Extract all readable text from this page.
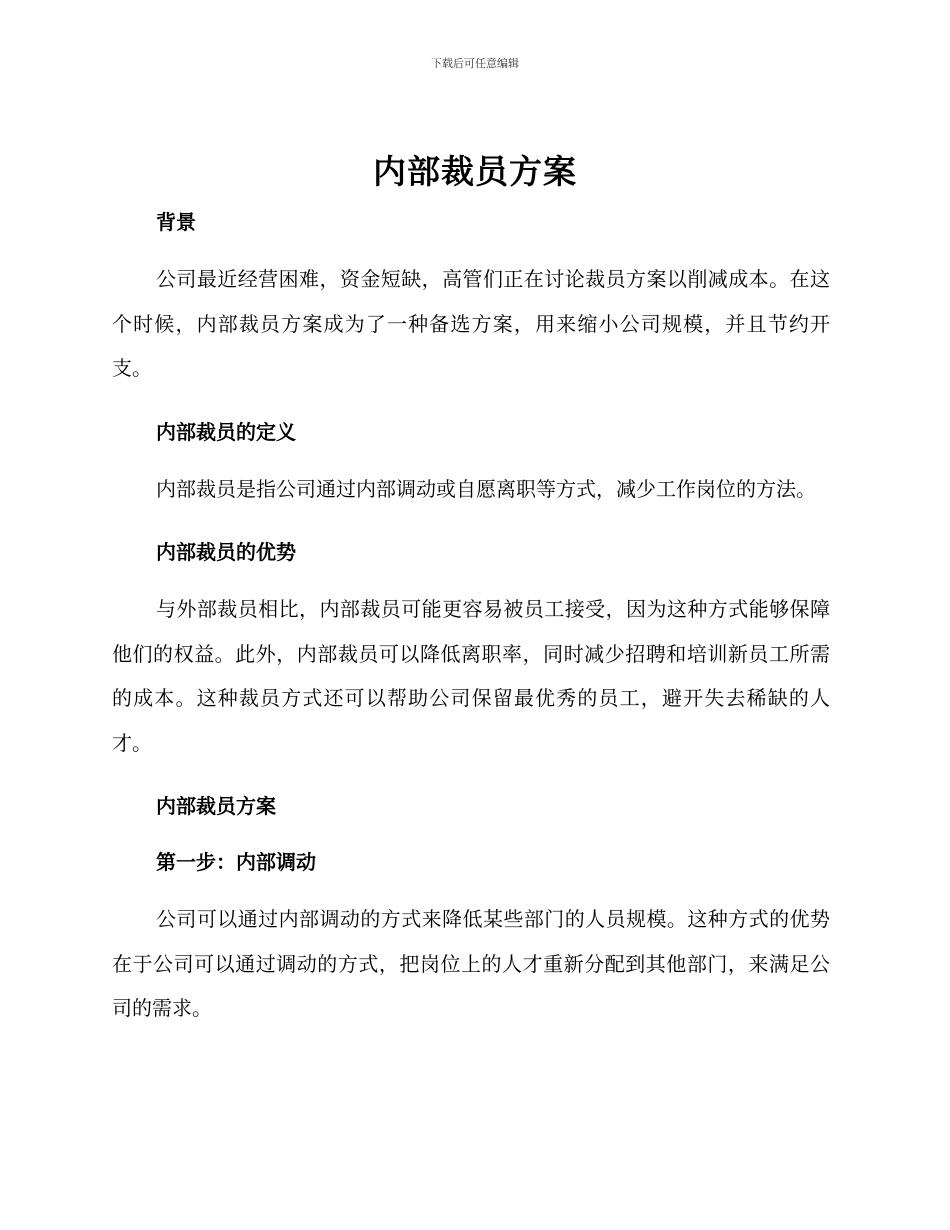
下载后可任意编辑
内部裁员方案
背景

公司最近经营困难，资金短缺，高管们正在讨论裁员方案以削减成本。在这个时候，内部裁员方案成为了一种备选方案，用来缩小公司规模，并且节约开支。

内部裁员的定义

内部裁员是指公司通过内部调动或自愿离职等方式，减少工作岗位的方法。

内部裁员的优势

与外部裁员相比，内部裁员可能更容易被员工接受，因为这种方式能够保障他们的权益。此外，内部裁员可以降低离职率，同时减少招聘和培训新员工所需的成本。这种裁员方式还可以帮助公司保留最优秀的员工，避开失去稀缺的人才。

内部裁员方案
第一步：内部调动

公司可以通过内部调动的方式来降低某些部门的人员规模。这种方式的优势在于公司可以通过调动的方式，把岗位上的人才重新分配到其他部门，来满足公司的需求。
